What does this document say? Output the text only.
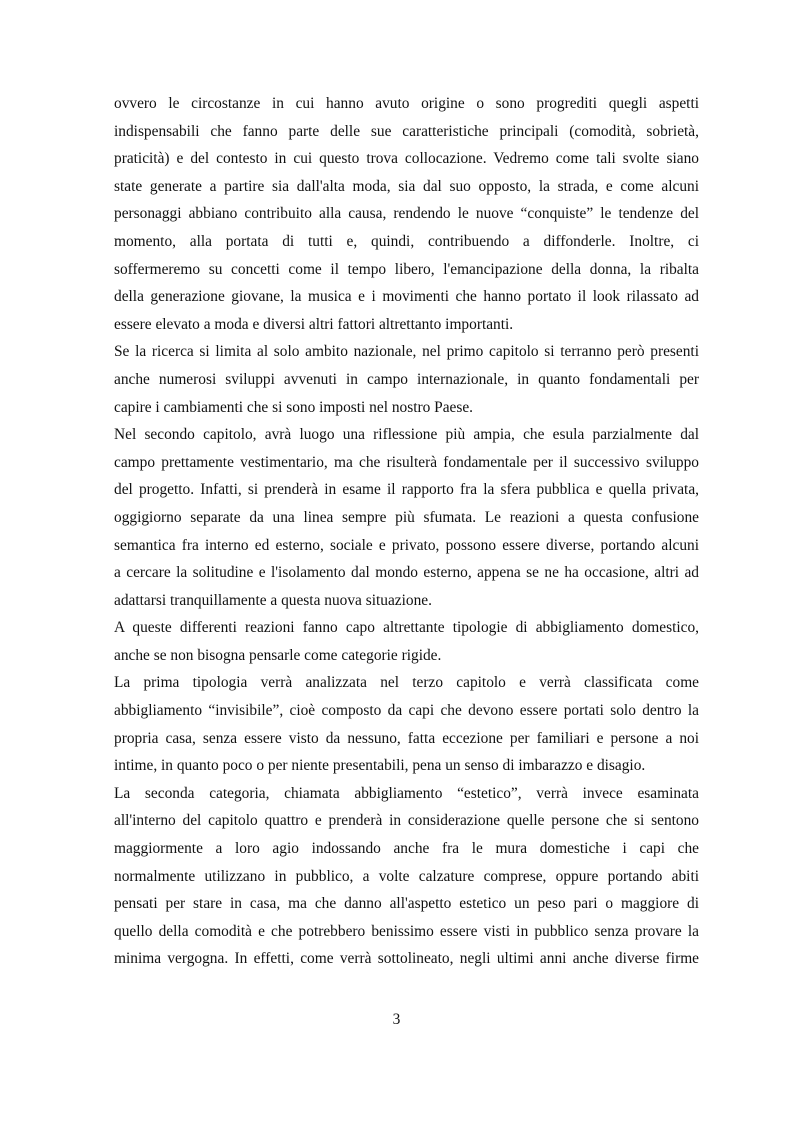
ovvero le circostanze in cui hanno avuto origine o sono progrediti quegli aspetti
indispensabili che fanno parte delle sue caratteristiche principali (comodità, sobrietà,
praticità) e del contesto in cui questo trova collocazione. Vedremo come tali svolte siano
state generate a partire sia dall'alta moda, sia dal suo opposto, la strada, e come alcuni
personaggi abbiano contribuito alla causa, rendendo le nuove “conquiste” le tendenze del
momento, alla portata di tutti e, quindi, contribuendo a diffonderle. Inoltre, ci
soffermeremo su concetti come il tempo libero, l'emancipazione della donna, la ribalta
della generazione giovane, la musica e i movimenti che hanno portato il look rilassato ad
essere elevato a moda e diversi altri fattori altrettanto importanti.
Se la ricerca si limita al solo ambito nazionale, nel primo capitolo si terranno però presenti
anche numerosi sviluppi avvenuti in campo internazionale, in quanto fondamentali per
capire i cambiamenti che si sono imposti nel nostro Paese.
Nel secondo capitolo, avrà luogo una riflessione più ampia, che esula parzialmente dal
campo prettamente vestimentario, ma che risulterà fondamentale per il successivo sviluppo
del progetto. Infatti, si prenderà in esame il rapporto fra la sfera pubblica e quella privata,
oggigiorno separate da una linea sempre più sfumata. Le reazioni a questa confusione
semantica fra interno ed esterno, sociale e privato, possono essere diverse, portando alcuni
a cercare la solitudine e l'isolamento dal mondo esterno, appena se ne ha occasione, altri ad
adattarsi tranquillamente a questa nuova situazione.
A queste differenti reazioni fanno capo altrettante tipologie di abbigliamento domestico,
anche se non bisogna pensarle come categorie rigide.
La prima tipologia verrà analizzata nel terzo capitolo e verrà classificata come
abbigliamento “invisibile”, cioè composto da capi che devono essere portati solo dentro la
propria casa, senza essere visto da nessuno, fatta eccezione per familiari e persone a noi
intime, in quanto poco o per niente presentabili, pena un senso di imbarazzo e disagio.
La seconda categoria, chiamata abbigliamento “estetico”, verrà invece esaminata
all'interno del capitolo quattro e prenderà in considerazione quelle persone che si sentono
maggiormente a loro agio indossando anche fra le mura domestiche i capi che
normalmente utilizzano in pubblico, a volte calzature comprese, oppure portando abiti
pensati per stare in casa, ma che danno all'aspetto estetico un peso pari o maggiore di
quello della comodità e che potrebbero benissimo essere visti in pubblico senza provare la
minima vergogna. In effetti, come verrà sottolineato, negli ultimi anni anche diverse firme
3
